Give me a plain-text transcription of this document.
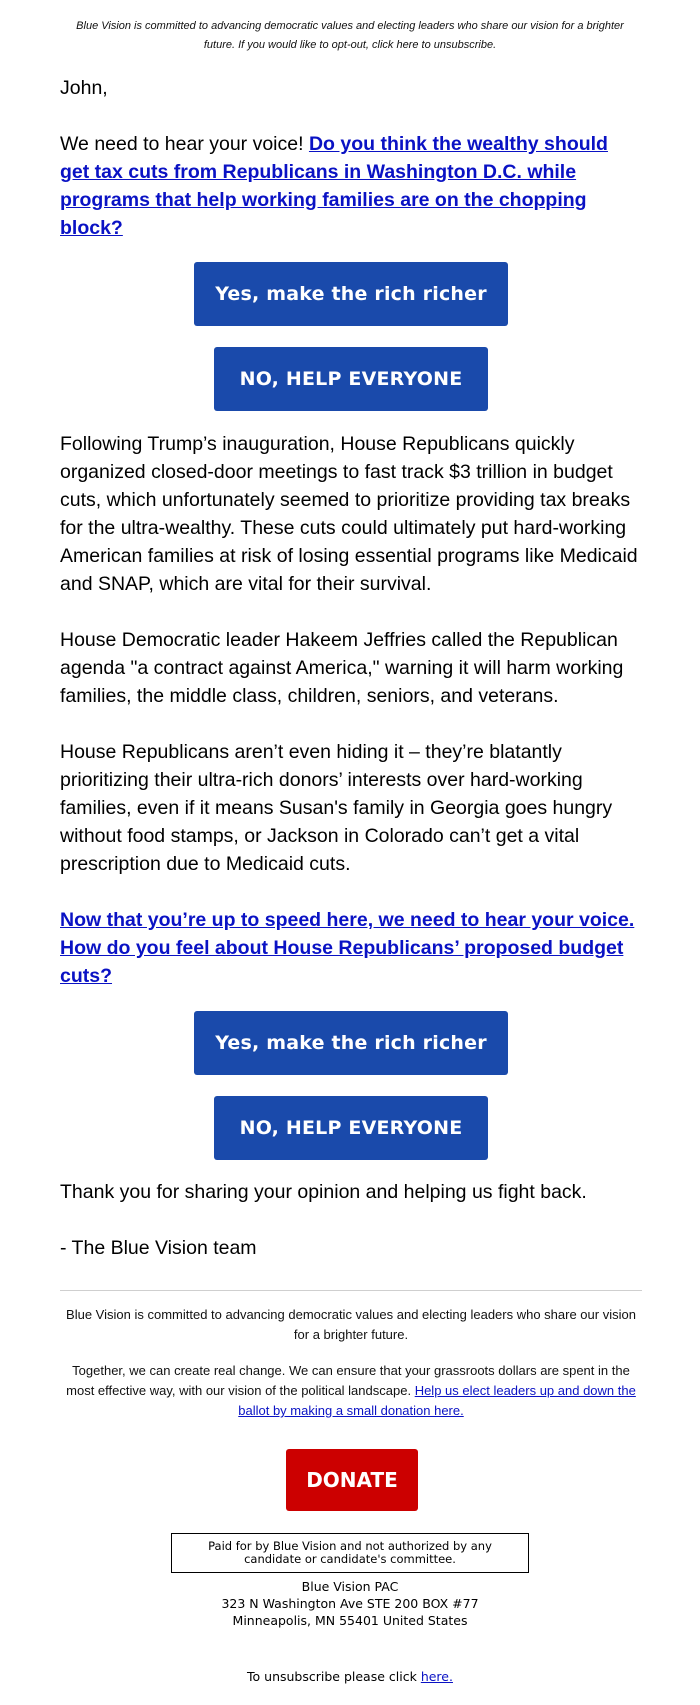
Blue Vision is committed to advancing democratic values and electing leaders who share our vision for a brighter future. If you would like to opt-out, click here to unsubscribe.
John,
We need to hear your voice! Do you think the wealthy should get tax cuts from Republicans in Washington D.C. while programs that help working families are on the chopping block?
Yes, make the rich richer
NO, HELP EVERYONE
Following Trump’s inauguration, House Republicans quickly organized closed-door meetings to fast track $3 trillion in budget cuts, which unfortunately seemed to prioritize providing tax breaks for the ultra-wealthy. These cuts could ultimately put hard-working American families at risk of losing essential programs like Medicaid and SNAP, which are vital for their survival.
House Democratic leader Hakeem Jeffries called the Republican agenda "a contract against America," warning it will harm working families, the middle class, children, seniors, and veterans.
House Republicans aren’t even hiding it – they’re blatantly prioritizing their ultra-rich donors’ interests over hard-working families, even if it means Susan's family in Georgia goes hungry without food stamps, or Jackson in Colorado can’t get a vital prescription due to Medicaid cuts.
Now that you’re up to speed here, we need to hear your voice. How do you feel about House Republicans’ proposed budget cuts?
Yes, make the rich richer
NO, HELP EVERYONE
Thank you for sharing your opinion and helping us fight back.
- The Blue Vision team
Blue Vision is committed to advancing democratic values and electing leaders who share our vision for a brighter future.
Together, we can create real change. We can ensure that your grassroots dollars are spent in the most effective way, with our vision of the political landscape. Help us elect leaders up and down the ballot by making a small donation here.
DONATE
Paid for by Blue Vision and not authorized by any candidate or candidate's committee.
Blue Vision PAC
323 N Washington Ave STE 200 BOX #77
Minneapolis, MN 55401 United States
To unsubscribe please click here.
